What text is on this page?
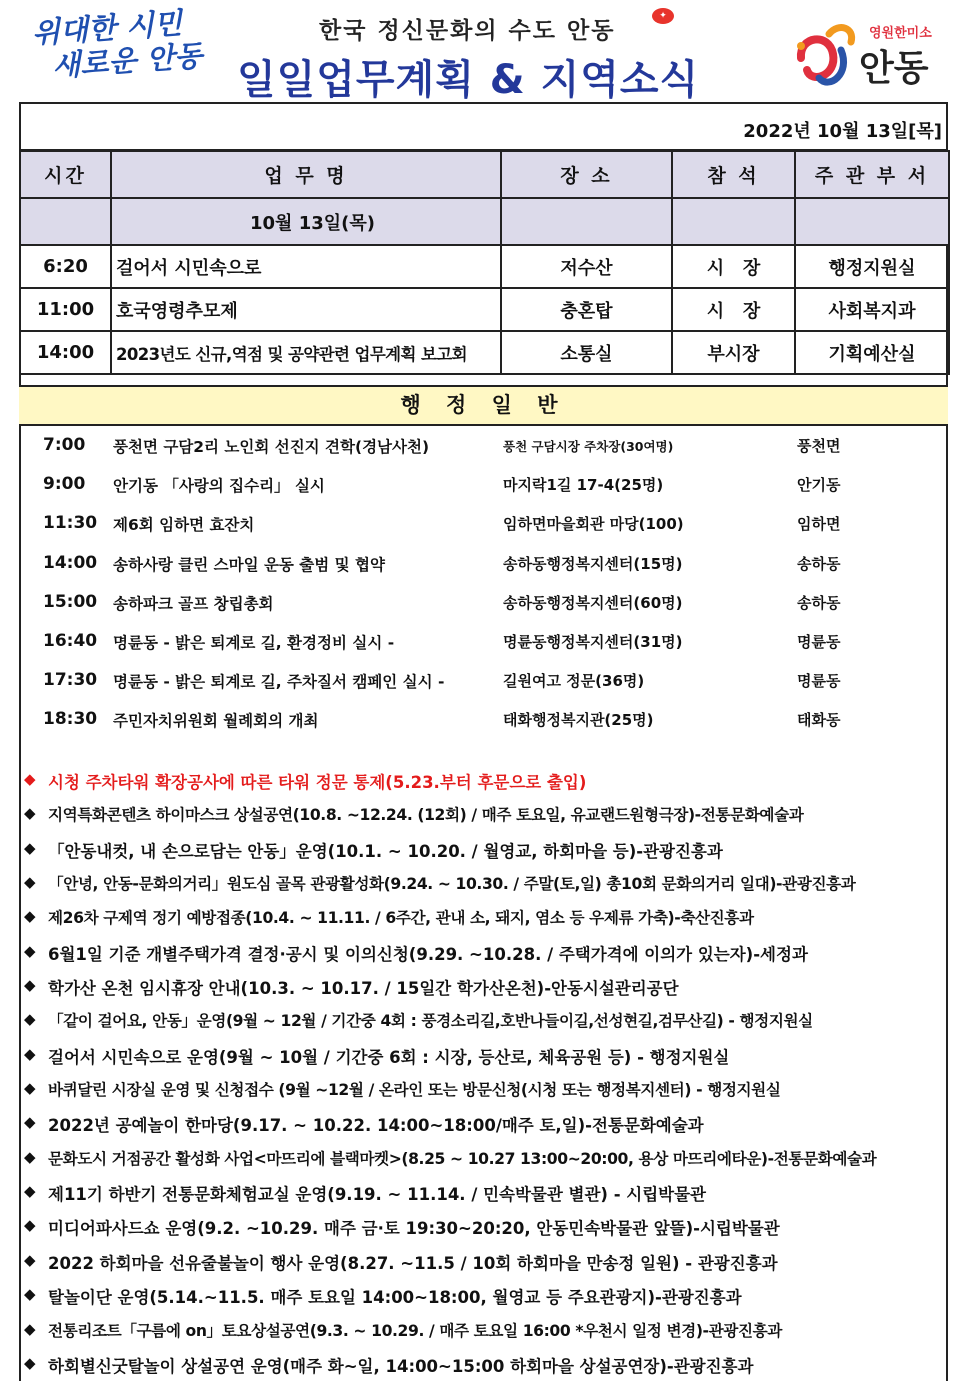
위대한 시민
새로운 안동
한국 정신문화의 수도 안동
✦
일일업무계획 & 지역소식
영원한미소
안동
2022년 10월 13일[목]
시간	업 무 명	장 소	참 석	주 관 부 서
	10월 13일(목)			
6:20	걸어서 시민속으로	저수산	시   장	행정지원실
11:00	호국영령추모제	충혼탑	시   장	사회복지과
14:00	2023년도 신규,역점 및 공약관련 업무계획 보고회	소통실	부시장	기획예산실
행 정 일 반
7:00 풍천면 구담2리 노인회 선진지 견학(경남사천)	풍천 구담시장 주차장(30여명)	풍천면
9:00 안기동 「사랑의 집수리」 실시	마지락1길 17-4(25명)	안기동
11:30 제6회 임하면 효잔치	임하면마을회관 마당(100)	임하면
14:00 송하사랑 클린 스마일 운동 출범 및 협약	송하동행정복지센터(15명)	송하동
15:00 송하파크 골프 창립총회	송하동행정복지센터(60명)	송하동
16:40 명륜동 - 밝은 퇴계로 길, 환경정비 실시 -	명륜동행정복지센터(31명)	명륜동
17:30 명륜동 - 밝은 퇴계로 길, 주차질서 캠페인 실시 -	길원여고 정문(36명)	명륜동
18:30 주민자치위원회 월례회의 개최	태화행정복지관(25명)	태화동
◆ 시청 주차타워 확장공사에 따른 타워 정문 통제(5.23.부터 후문으로 출입)
◆ 지역특화콘텐츠 하이마스크 상설공연(10.8. ~12.24. (12회) / 매주 토요일, 유교랜드원형극장)-전통문화예술과
◆ 「안동내컷, 내 손으로담는 안동」운영(10.1. ~ 10.20. / 월영교, 하회마을 등)-관광진흥과
◆ 「안녕, 안동-문화의거리」원도심 골목 관광활성화(9.24. ~ 10.30. / 주말(토,일) 총10회 문화의거리 일대)-관광진흥과
◆ 제26차 구제역 정기 예방접종(10.4. ~ 11.11. / 6주간, 관내 소, 돼지, 염소 등 우제류 가축)-축산진흥과
◆ 6월1일 기준 개별주택가격 결정·공시 및 이의신청(9.29. ~10.28. / 주택가격에 이의가 있는자)-세정과
◆ 학가산 온천 임시휴장 안내(10.3. ~ 10.17. / 15일간 학가산온천)-안동시설관리공단
◆ 「같이 걸어요, 안동」운영(9월 ~ 12월 / 기간중 4회 : 풍경소리길,호반나들이길,선성현길,검무산길) - 행정지원실
◆ 걸어서 시민속으로 운영(9월 ~ 10월 / 기간중 6회 : 시장, 등산로, 체육공원 등) - 행정지원실
◆ 바퀴달린 시장실 운영 및 신청접수 (9월 ~12월 / 온라인 또는 방문신청(시청 또는 행정복지센터) - 행정지원실
◆ 2022년 공예놀이 한마당(9.17. ~ 10.22. 14:00~18:00/매주 토,일)-전통문화예술과
◆ 문화도시 거점공간 활성화 사업<마뜨리에 블랙마켓>(8.25 ~ 10.27 13:00~20:00, 용상 마뜨리에타운)-전통문화예술과
◆ 제11기 하반기 전통문화체험교실 운영(9.19. ~ 11.14. / 민속박물관 별관) - 시립박물관
◆ 미디어파사드쇼 운영(9.2. ~10.29. 매주 금·토 19:30~20:20, 안동민속박물관 앞뜰)-시립박물관
◆ 2022 하회마을 선유줄불놀이 행사 운영(8.27. ~11.5 / 10회 하회마을 만송정 일원) - 관광진흥과
◆ 탈놀이단 운영(5.14.~11.5. 매주 토요일 14:00~18:00, 월영교 등 주요관광지)-관광진흥과
◆ 전통리조트「구름에 on」토요상설공연(9.3. ~ 10.29. / 매주 토요일 16:00 *우천시 일정 변경)-관광진흥과
◆ 하회별신굿탈놀이 상설공연 운영(매주 화~일, 14:00~15:00 하회마을 상설공연장)-관광진흥과
